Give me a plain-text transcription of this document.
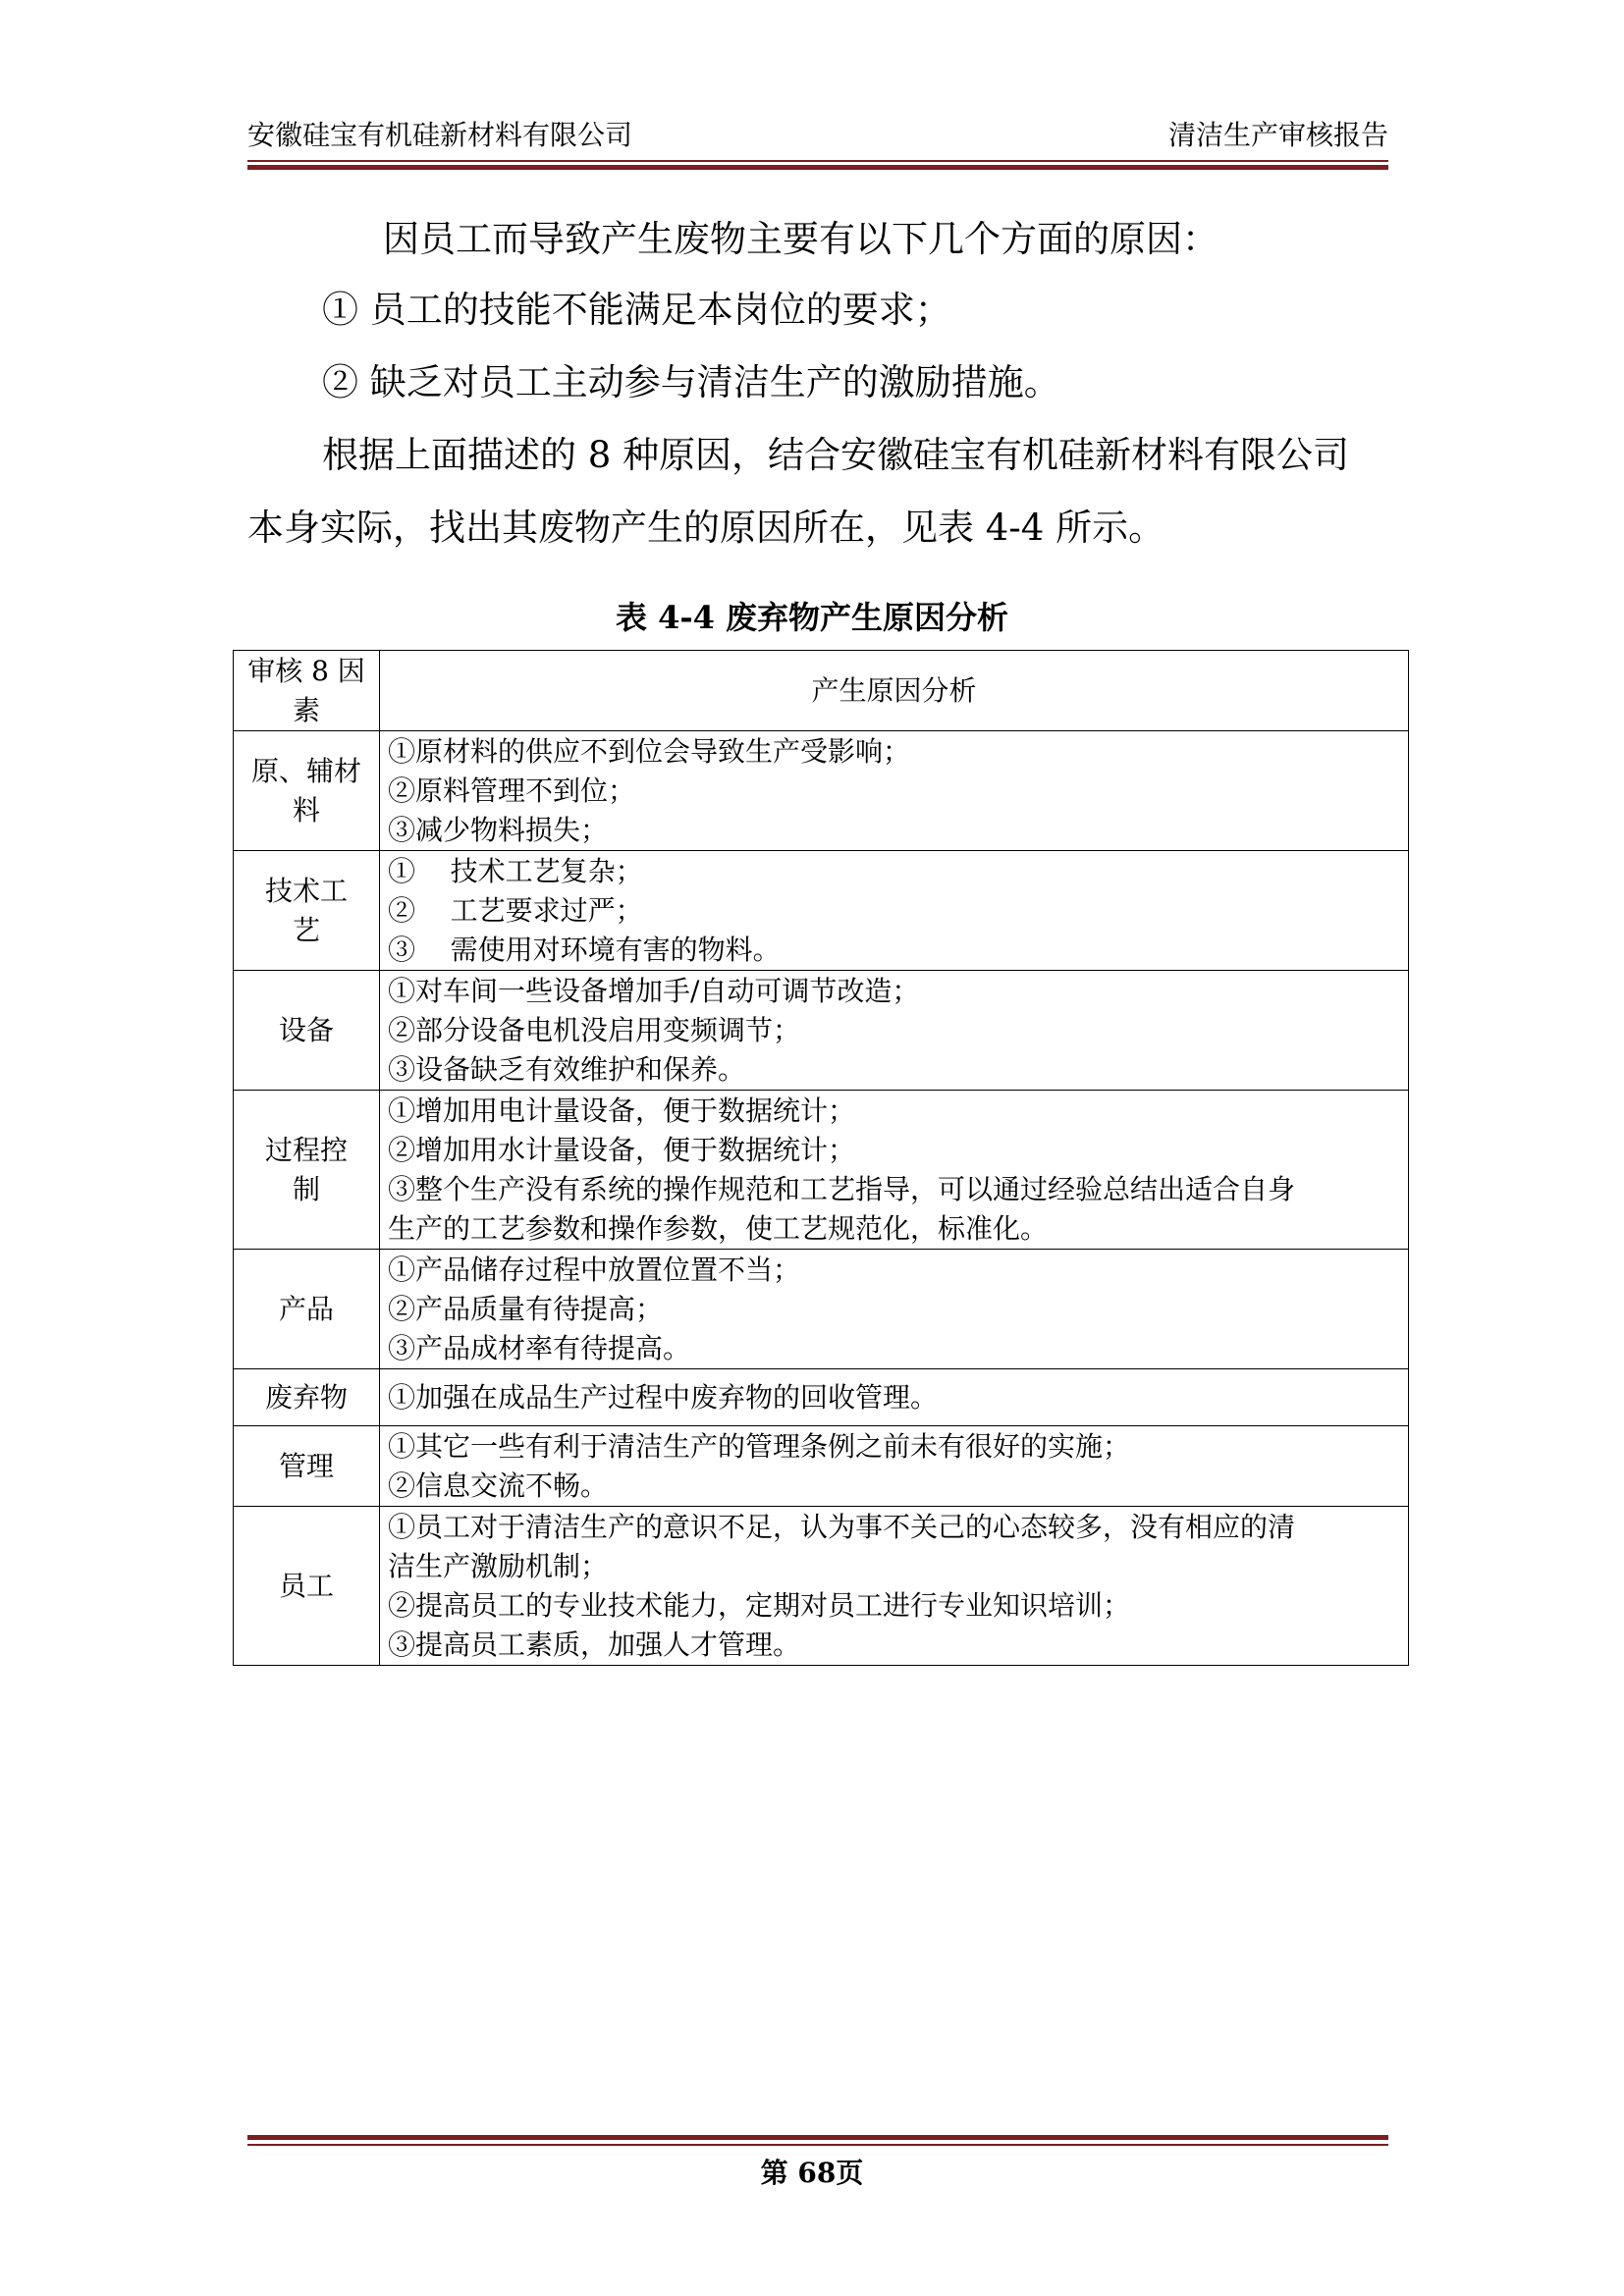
安徽硅宝有机硅新材料有限公司	清洁生产审核报告
因员工而导致产生废物主要有以下几个方面的原因：
① 员工的技能不能满足本岗位的要求；
② 缺乏对员工主动参与清洁生产的激励措施。
根据上面描述的 8 种原因，结合安徽硅宝有机硅新材料有限公司
本身实际，找出其废物产生的原因所在，见表 4-4 所示。
表 4-4 废弃物产生原因分析
审核 8 因
素	产生原因分析

原、辅材
料	①原材料的供应不到位会导致生产受影响；
②原料管理不到位；
③减少物料损失；

技术工
艺	①    技术工艺复杂；
②    工艺要求过严；
③    需使用对环境有害的物料。

设备	①对车间一些设备增加手/自动可调节改造；
②部分设备电机没启用变频调节；
③设备缺乏有效维护和保养。

过程控
制	①增加用电计量设备，便于数据统计；
②增加用水计量设备，便于数据统计；
③整个生产没有系统的操作规范和工艺指导，可以通过经验总结出适合自身
生产的工艺参数和操作参数，使工艺规范化，标准化。

产品	①产品储存过程中放置位置不当；
②产品质量有待提高；
③产品成材率有待提高。

废弃物	①加强在成品生产过程中废弃物的回收管理。

管理	①其它一些有利于清洁生产的管理条例之前未有很好的实施；
②信息交流不畅。

员工	①员工对于清洁生产的意识不足，认为事不关己的心态较多，没有相应的清
洁生产激励机制；
②提高员工的专业技术能力，定期对员工进行专业知识培训；
③提高员工素质，加强人才管理。
第 68页
